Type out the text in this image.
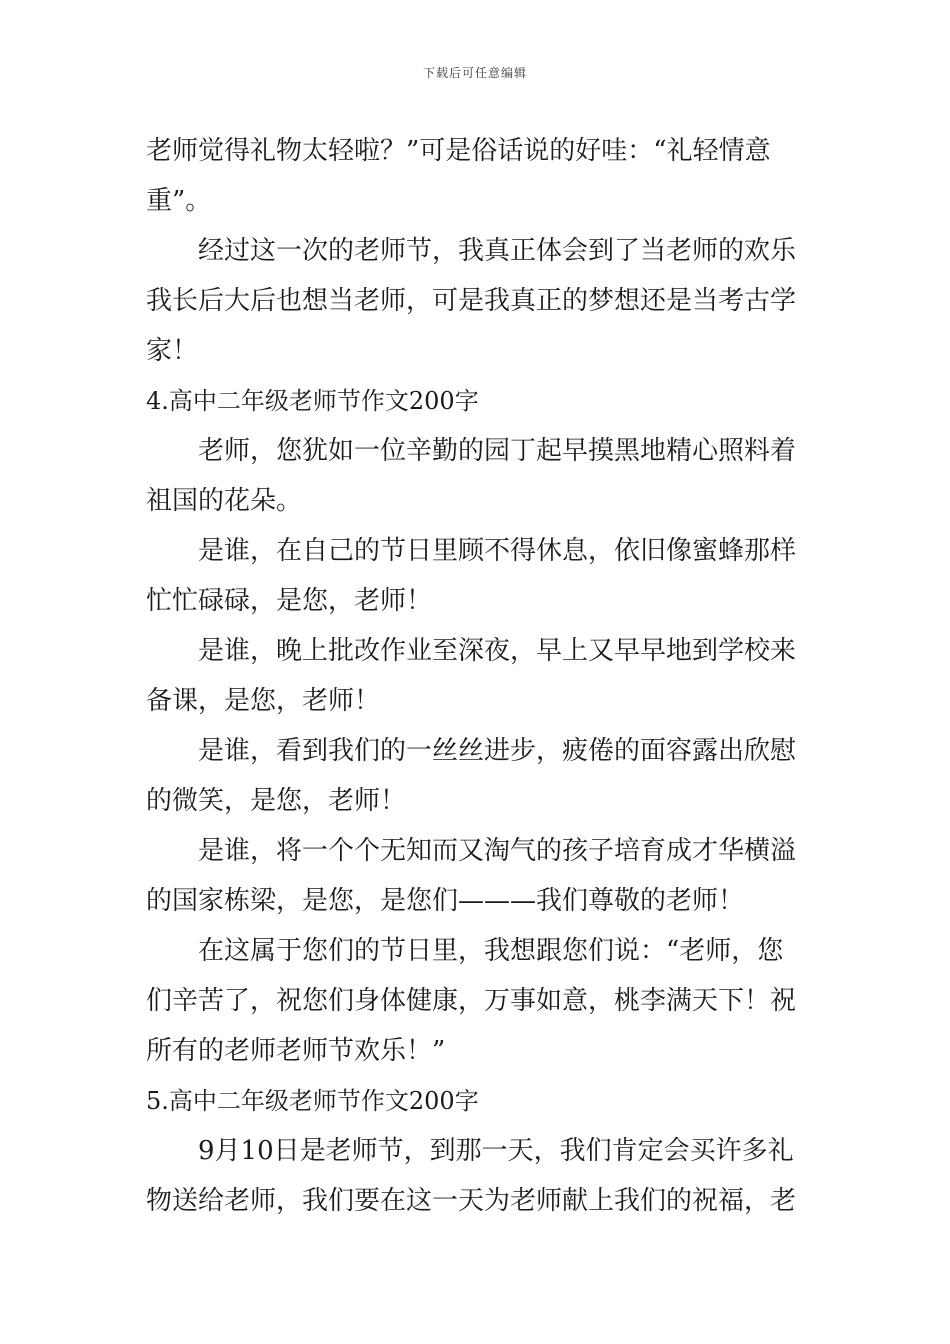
下载后可任意编辑
老师觉得礼物太轻啦？”可是俗话说的好哇：“礼轻情意
重”。
经过这一次的老师节，我真正体会到了当老师的欢乐
我长后大后也想当老师，可是我真正的梦想还是当考古学
家！
4.高中二年级老师节作文200字
老师，您犹如一位辛勤的园丁起早摸黑地精心照料着
祖国的花朵。
是谁，在自己的节日里顾不得休息，依旧像蜜蜂那样
忙忙碌碌，是您，老师！
是谁，晚上批改作业至深夜，早上又早早地到学校来
备课，是您，老师！
是谁，看到我们的一丝丝进步，疲倦的面容露出欣慰
的微笑，是您，老师！
是谁，将一个个无知而又淘气的孩子培育成才华横溢
的国家栋梁，是您，是您们———我们尊敬的老师！
在这属于您们的节日里，我想跟您们说：“老师，您
们辛苦了，祝您们身体健康，万事如意，桃李满天下！祝
所有的老师老师节欢乐！”
5.高中二年级老师节作文200字
9月10日是老师节，到那一天，我们肯定会买许多礼
物送给老师，我们要在这一天为老师献上我们的祝福，老
